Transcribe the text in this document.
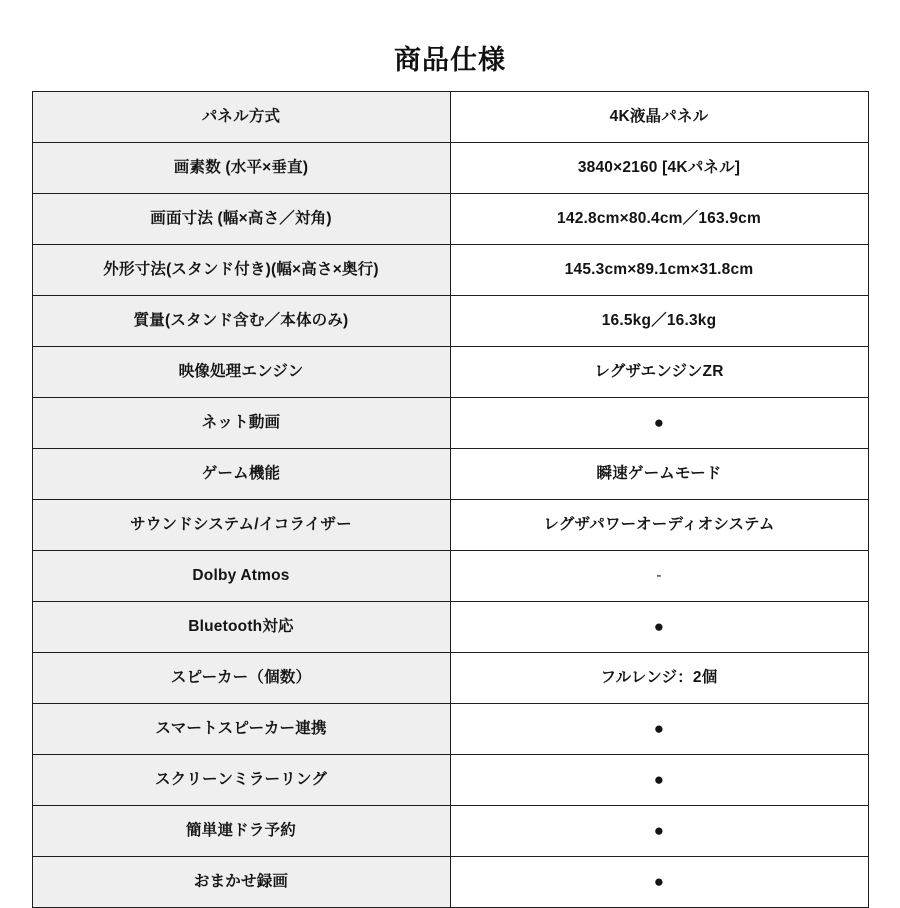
商品仕様
パネル方式	4K液晶パネル
画素数 (水平×垂直)	3840×2160 [4Kパネル]
画面寸法 (幅×高さ／対角)	142.8cm×80.4cm／163.9cm
外形寸法(スタンド付き)(幅×高さ×奥行)	145.3cm×89.1cm×31.8cm
質量(スタンド含む／本体のみ)	16.5kg／16.3kg
映像処理エンジン	レグザエンジンZR
ネット動画	●
ゲーム機能	瞬速ゲームモード
サウンドシステム/イコライザー	レグザパワーオーディオシステム
Dolby Atmos	-
Bluetooth対応	●
スピーカー（個数）	フルレンジ：2個
スマートスピーカー連携	●
スクリーンミラーリング	●
簡単連ドラ予約	●
おまかせ録画	●
